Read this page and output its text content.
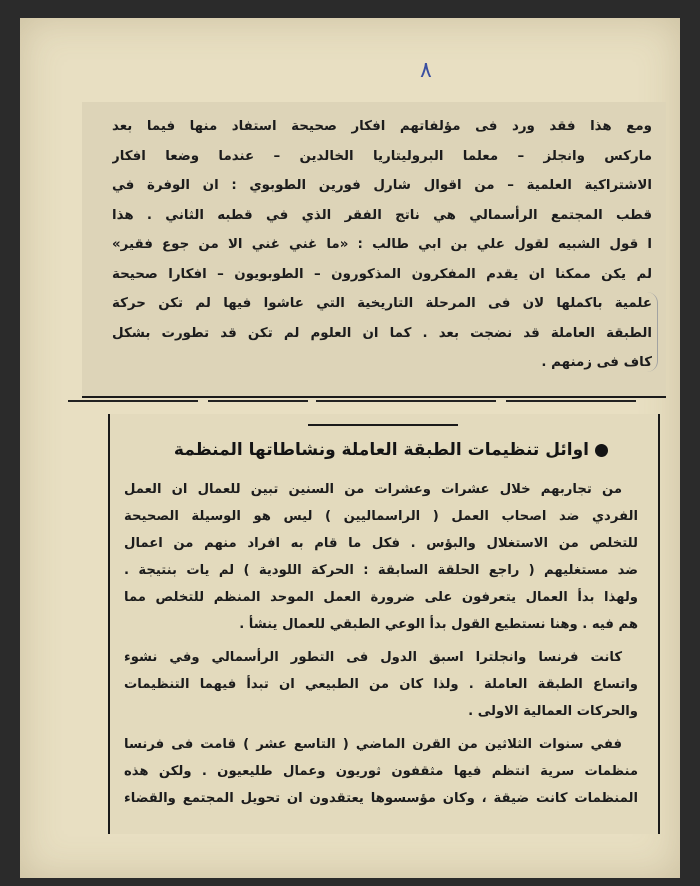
٨
ومع هذا فقد ورد فى مؤلفاتهم افكار صحيحة استفاد منها فيما بعد
ماركس وانجلز – معلما البروليتاريا الخالدين – عندما وضعا افكار
الاشتراكية العلمية – من اقوال شارل فورين الطوبوي : ان الوفرة في
قطب المجتمع الرأسمالي هي ناتج الفقر الذي في قطبه الثاني . هذا
ا قول الشبيه لقول علي بن ابي طالب : «ما غني غني الا من جوع فقير»
لم يكن ممكنا ان يقدم المفكرون المذكورون – الطوبويون – افكارا صحيحة
علمية باكملها لان فى المرحلة التاريخية التي عاشوا فيها لم تكن حركة
الطبقة العاملة قد نضجت بعد . كما ان العلوم لم تكن قد تطورت بشكل
كاف فى زمنهم .
اوائل تنظيمات الطبقة العاملة ونشاطاتها المنظمة
من تجاربهم خلال عشرات وعشرات من السنين تبين للعمال ان العمل
الفردي ضد اصحاب العمل ( الراسماليين ) ليس هو الوسيلة الصحيحة
للتخلص من الاستغلال والبؤس . فكل ما قام به افراد منهم من اعمال
ضد مستغليهم ( راجع الحلقة السابقة : الحركة اللودية ) لم يات بنتيجة .
ولهذا بدأ العمال يتعرفون على ضرورة العمل الموحد المنظم للتخلص مما
هم فيه . وهنا نستطيع القول بدأ الوعي الطبقي للعمال ينشأ .
كانت فرنسا وانجلترا اسبق الدول فى التطور الرأسمالي وفي نشوء
واتساع الطبقة العاملة . ولذا كان من الطبيعي ان تبدأ فيهما التنظيمات
والحركات العمالية الاولى .
ففي سنوات الثلاثين من القرن الماضي ( التاسع عشر ) قامت فى فرنسا
منظمات سرية انتظم فيها مثقفون ثوريون وعمال طليعيون . ولكن هذه
المنظمات كانت ضيقة ، وكان مؤسسوها يعتقدون ان تحويل المجتمع والقضاء
